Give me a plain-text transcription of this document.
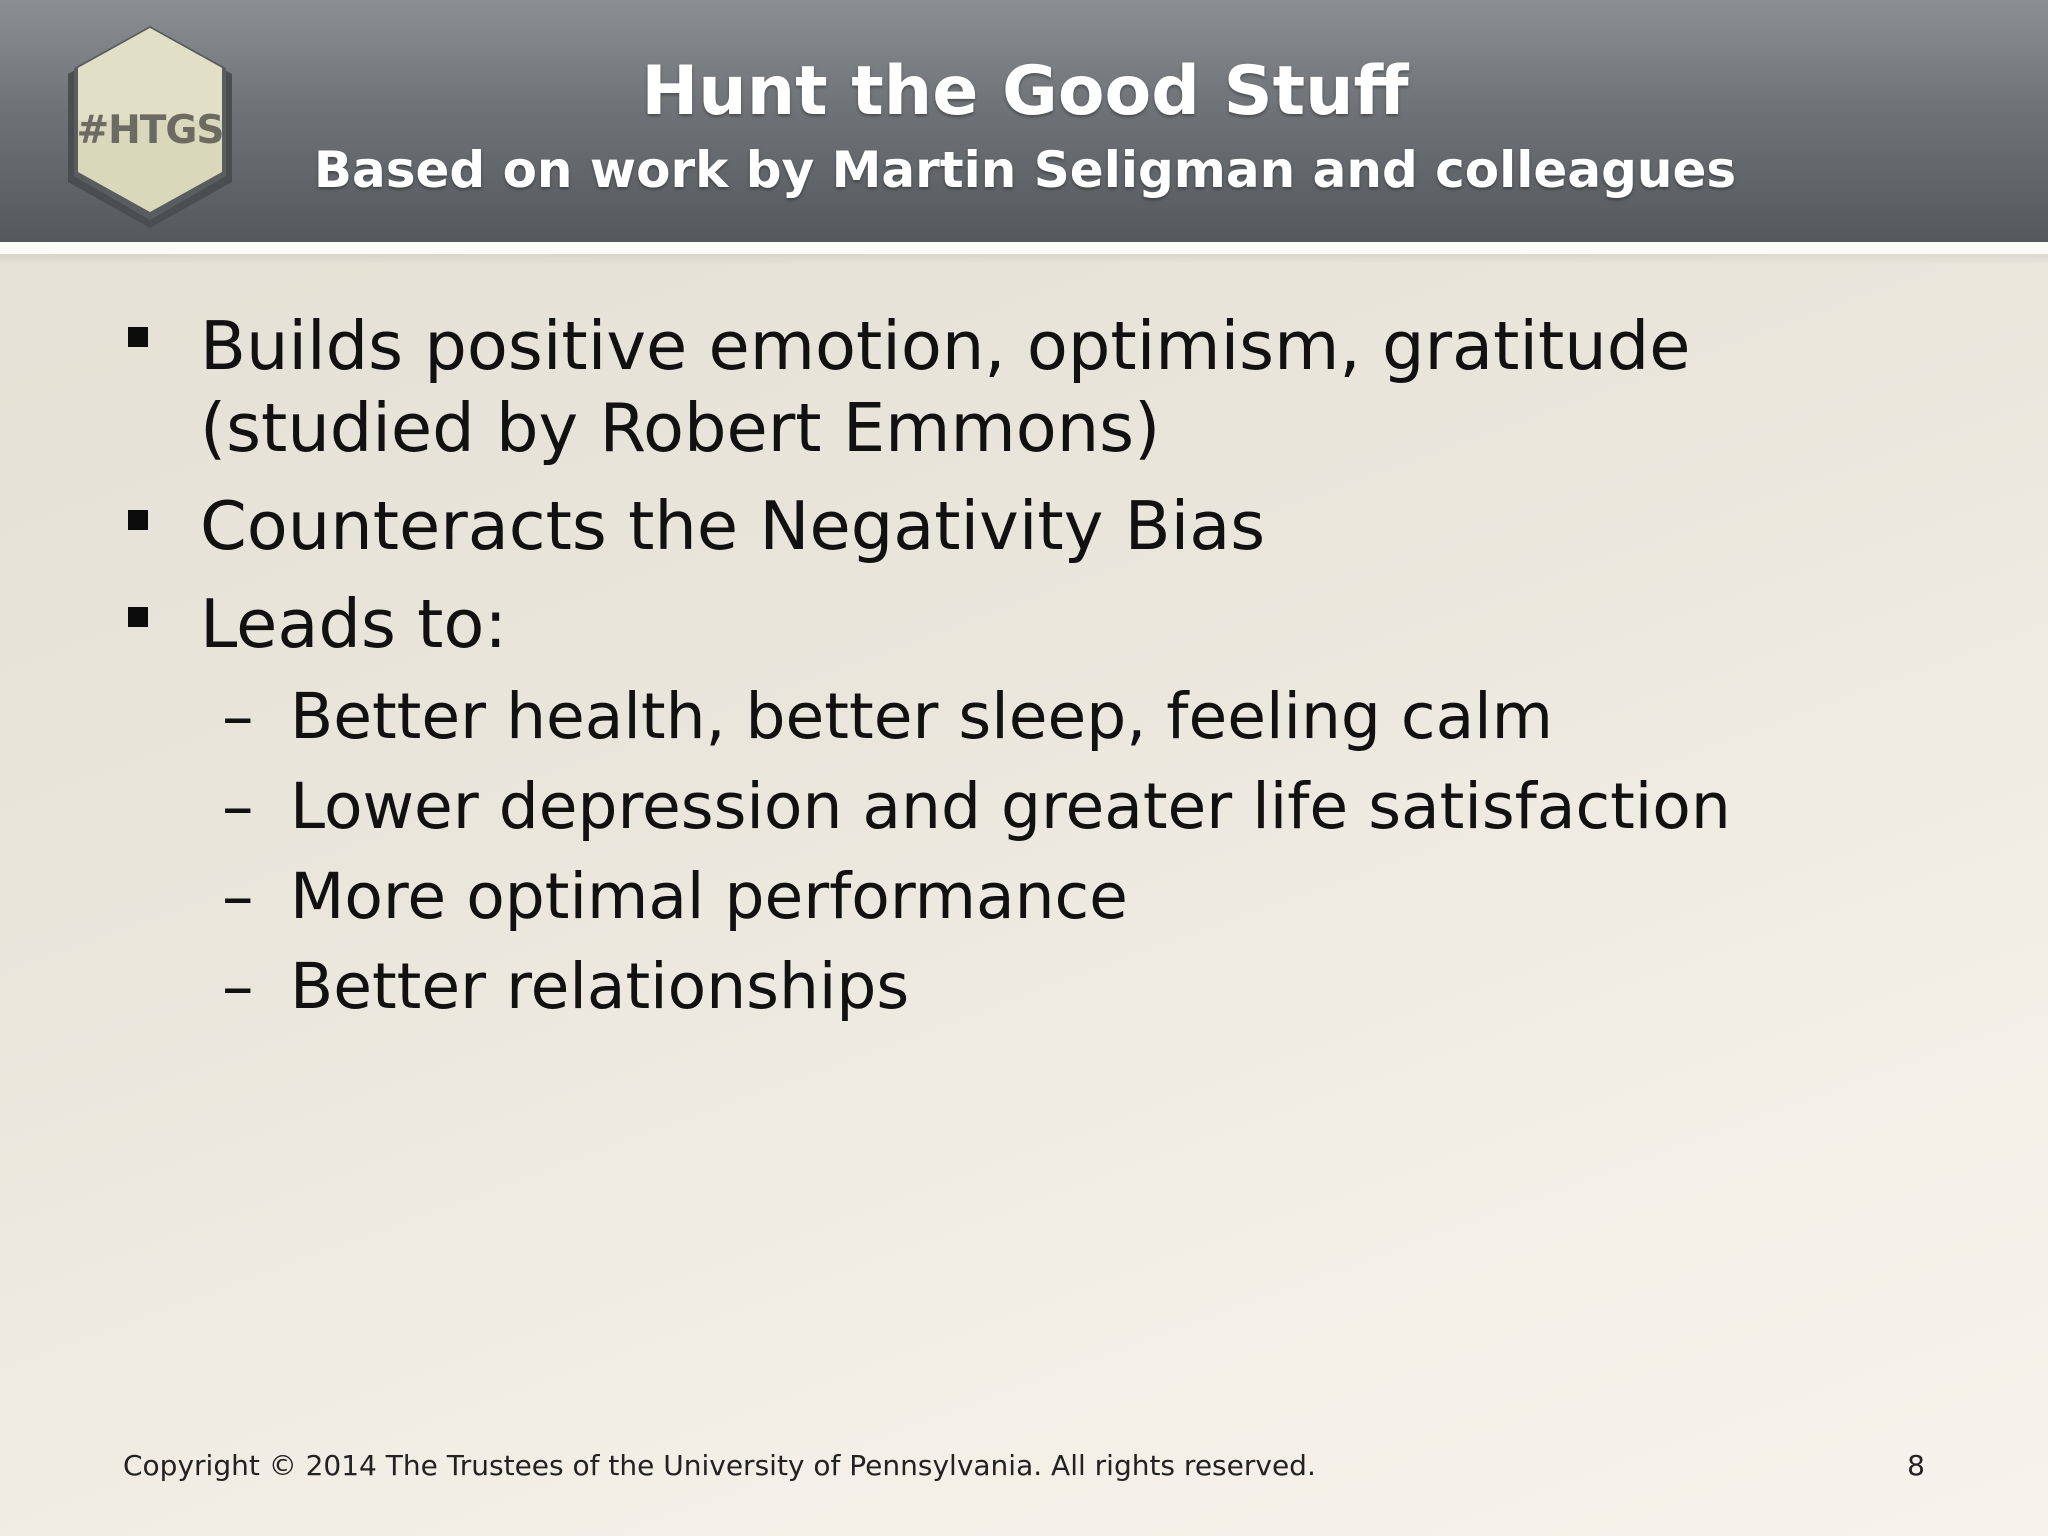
#HTGS	Hunt the Good Stuff
Based on work by Martin Seligman and colleagues
Builds positive emotion, optimism, gratitude
(studied by Robert Emmons)
Counteracts the Negativity Bias
Leads to:
– Better health, better sleep, feeling calm
– Lower depression and greater life satisfaction
– More optimal performance
– Better relationships
Copyright © 2014 The Trustees of the University of Pennsylvania. All rights reserved.	8
